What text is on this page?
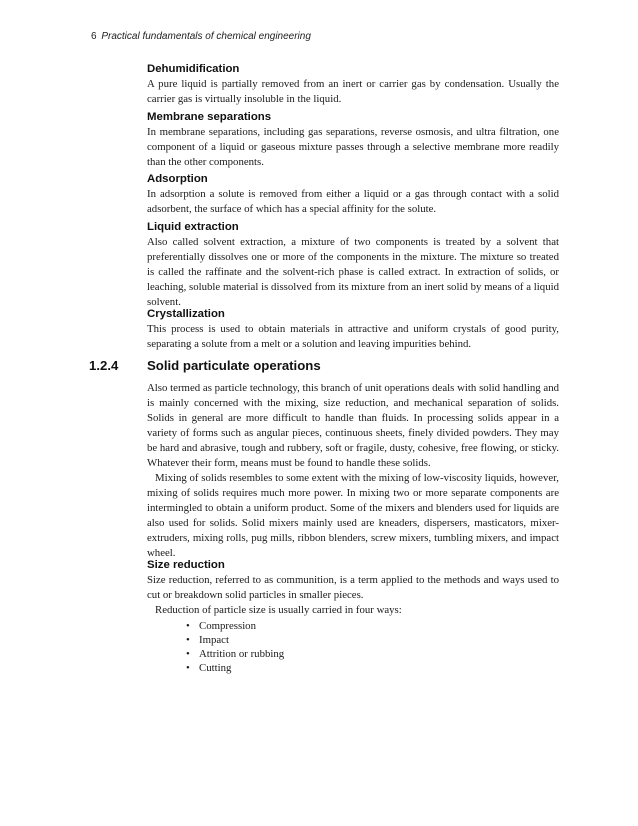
6 Practical fundamentals of chemical engineering

Dehumidification

A pure liquid is partially removed from an inert or carrier gas by condensation. Usually the carrier gas is virtually insoluble in the liquid.

Membrane separations

In membrane separations, including gas separations, reverse osmosis, and ultra filtration, one component of a liquid or gaseous mixture passes through a selective membrane more readily than the other components.

Adsorption

In adsorption a solute is removed from either a liquid or a gas through contact with a solid adsorbent, the surface of which has a special affinity for the solute.

Liquid extraction

Also called solvent extraction, a mixture of two components is treated by a solvent that preferentially dissolves one or more of the components in the mixture. The mixture so treated is called the raffinate and the solvent-rich phase is called extract. In extraction of solids, or leaching, soluble material is dissolved from its mixture from an inert solid by means of a liquid solvent.

Crystallization

This process is used to obtain materials in attractive and uniform crystals of good purity, separating a solute from a melt or a solution and leaving impurities behind.

1.2.4 Solid particulate operations

Also termed as particle technology, this branch of unit operations deals with solid handling and is mainly concerned with the mixing, size reduction, and mechanical separation of solids. Solids in general are more difficult to handle than fluids. In processing solids appear in a variety of forms such as angular pieces, continuous sheets, finely divided powders. They may be hard and abrasive, tough and rubbery, soft or fragile, dusty, cohesive, free flowing, or sticky. Whatever their form, means must be found to handle these solids.

Mixing of solids resembles to some extent with the mixing of low-viscosity liquids, however, mixing of solids requires much more power. In mixing two or more separate components are intermingled to obtain a uniform product. Some of the mixers and blenders used for liquids are also used for solids. Solid mixers mainly used are kneaders, dispersers, masticators, mixer-extruders, mixing rolls, pug mills, ribbon blenders, screw mixers, tumbling mixers, and impact wheel.

Size reduction

Size reduction, referred to as communition, is a term applied to the methods and ways used to cut or breakdown solid particles in smaller pieces.

Reduction of particle size is usually carried in four ways:

• Compression
• Impact
• Attrition or rubbing
• Cutting
